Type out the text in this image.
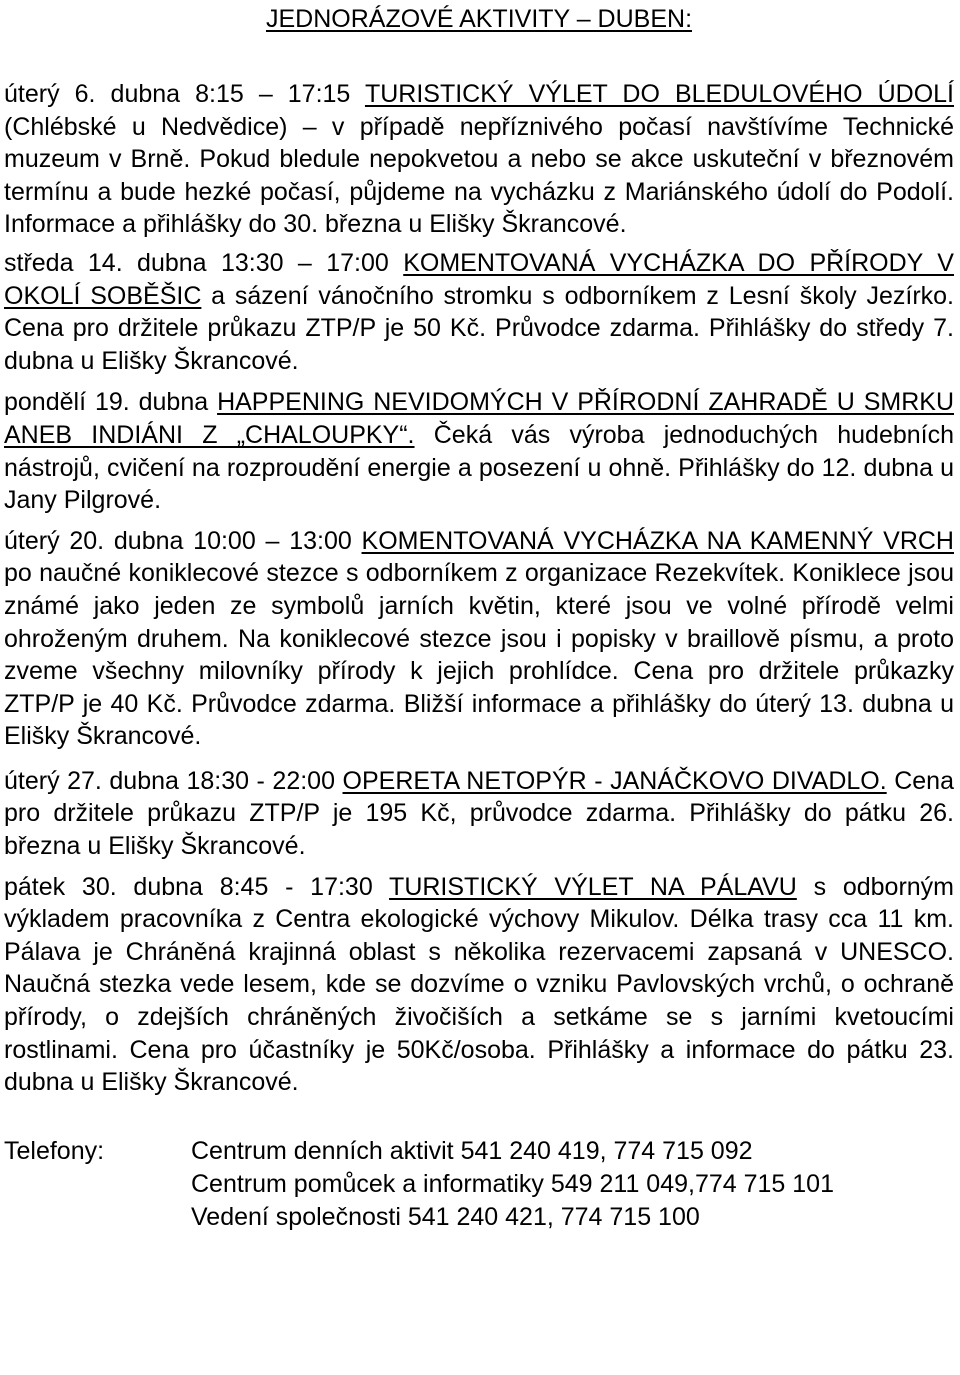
JEDNORÁZOVÉ AKTIVITY – DUBEN:

úterý 6. dubna 8:15 – 17:15 TURISTICKÝ VÝLET DO BLEDULOVÉHO ÚDOLÍ (Chlébské u Nedvědice) – v případě nepříznivého počasí navštívíme Technické muzeum v Brně. Pokud bledule nepokvetou a nebo se akce uskuteční v březnovém termínu a bude hezké počasí, půjdeme na vycházku z Mariánského údolí do Podolí. Informace a přihlášky do 30. března u Elišky Škrancové.

středa 14. dubna 13:30 – 17:00 KOMENTOVANÁ VYCHÁZKA DO PŘÍRODY V OKOLÍ SOBĚŠIC a sázení vánočního stromku s odborníkem z Lesní školy Jezírko. Cena pro držitele průkazu ZTP/P je 50 Kč. Průvodce zdarma. Přihlášky do středy 7. dubna u Elišky Škrancové.

pondělí 19. dubna HAPPENING NEVIDOMÝCH V PŘÍRODNÍ ZAHRADĚ U SMRKU ANEB INDIÁNI Z „CHALOUPKY“. Čeká vás výroba jednoduchých hudebních nástrojů, cvičení na rozproudění energie a posezení u ohně. Přihlášky do 12. dubna u Jany Pilgrové.

úterý 20. dubna 10:00 – 13:00 KOMENTOVANÁ VYCHÁZKA NA KAMENNÝ VRCH po naučné koniklecové stezce s odborníkem z organizace Rezekvítek. Koniklece jsou známé jako jeden ze symbolů jarních květin, které jsou ve volné přírodě velmi ohroženým druhem. Na koniklecové stezce jsou i popisky v braillově písmu, a proto zveme všechny milovníky přírody k jejich prohlídce. Cena pro držitele průkazky ZTP/P je 40 Kč. Průvodce zdarma. Bližší informace a přihlášky do úterý 13. dubna u Elišky Škrancové.

úterý 27. dubna 18:30 - 22:00 OPERETA NETOPÝR - JANÁČKOVO DIVADLO. Cena pro držitele průkazu ZTP/P je 195 Kč, průvodce zdarma. Přihlášky do pátku 26. března u Elišky Škrancové.

pátek 30. dubna 8:45 - 17:30 TURISTICKÝ VÝLET NA PÁLAVU s odborným výkladem pracovníka z Centra ekologické výchovy Mikulov. Délka trasy cca 11 km. Pálava je Chráněná krajinná oblast s několika rezervacemi zapsaná v UNESCO. Naučná stezka vede lesem, kde se dozvíme o vzniku Pavlovských vrchů, o ochraně přírody, o zdejších chráněných živočiších a setkáme se s jarními kvetoucími rostlinami. Cena pro účastníky je 50Kč/osoba. Přihlášky a informace do pátku 23. dubna u Elišky Škrancové.

Telefony:	Centrum denních aktivit 541 240 419, 774 715 092
Centrum pomůcek a informatiky 549 211 049,774 715 101
Vedení společnosti 541 240 421, 774 715 100
